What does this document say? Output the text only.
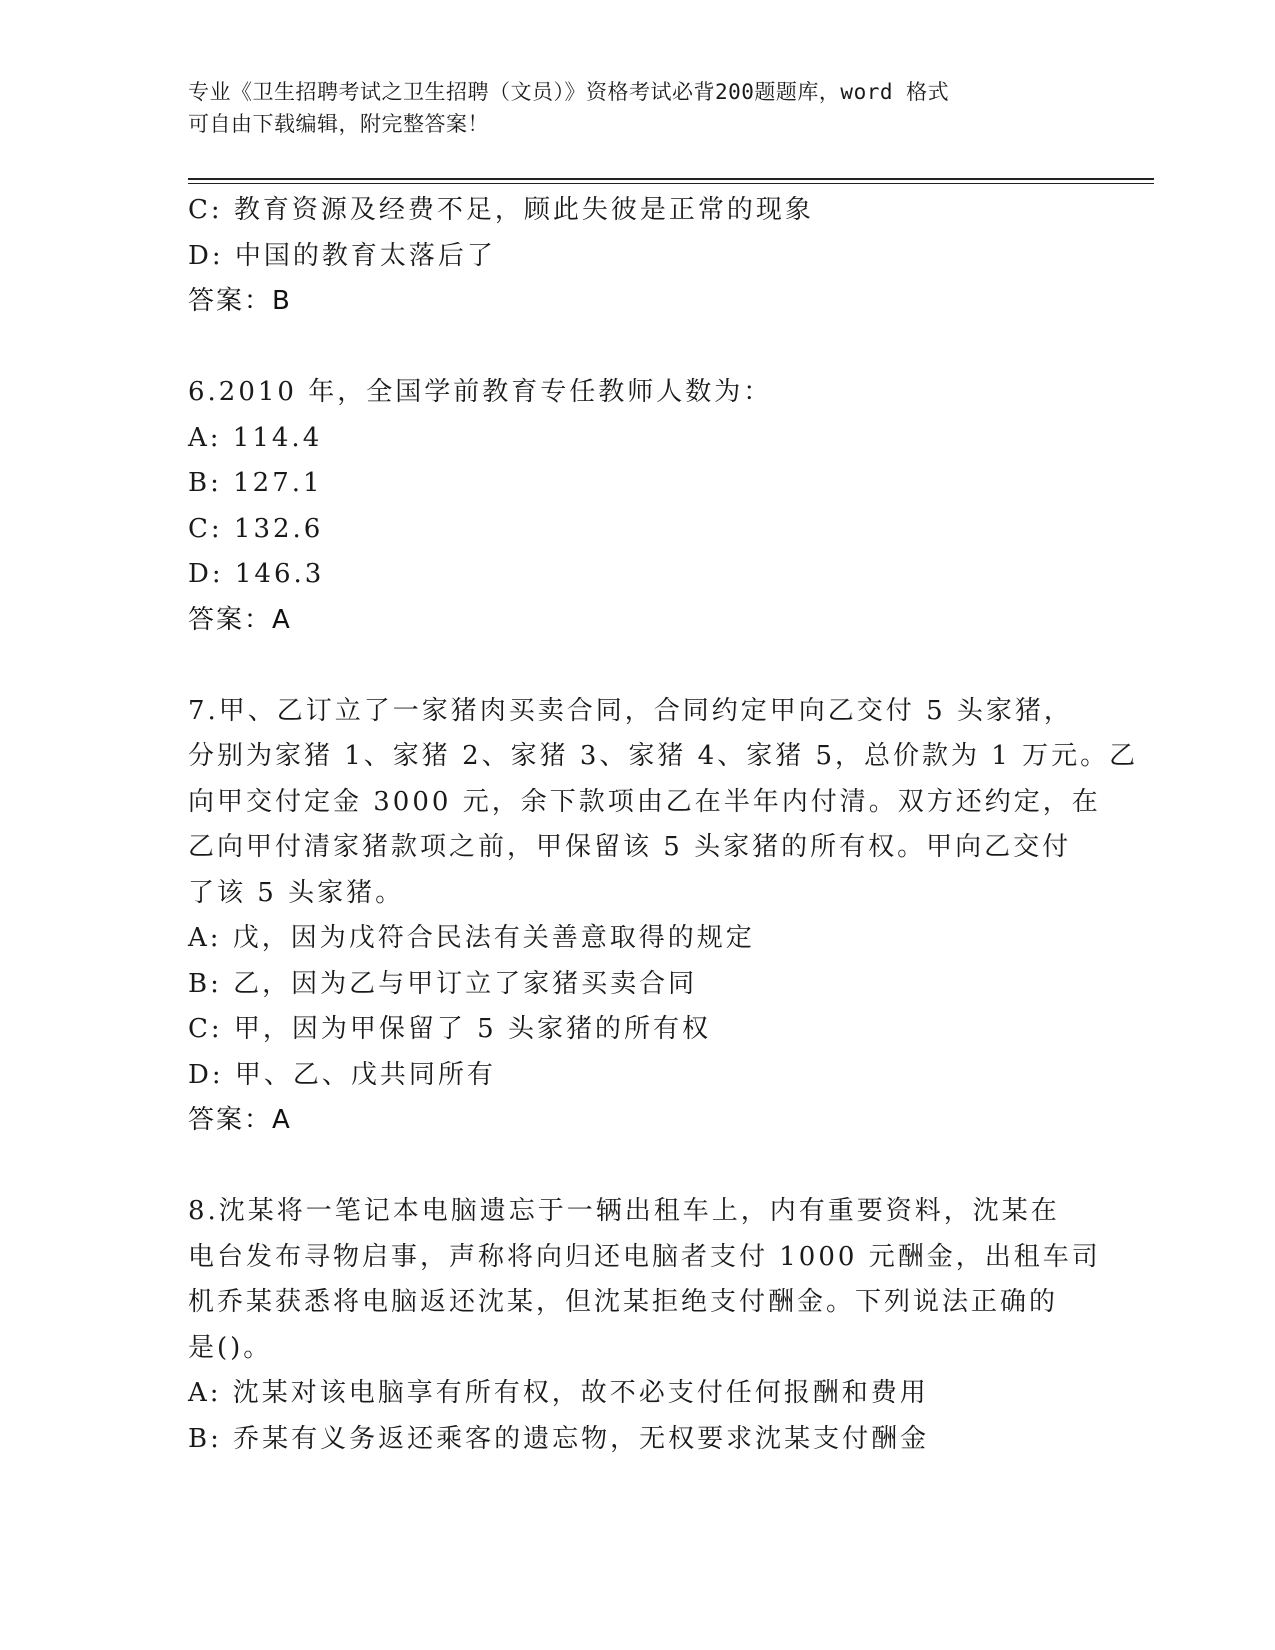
专业《卫生招聘考试之卫生招聘（文员）》资格考试必背200题题库，word 格式
可自由下载编辑，附完整答案！
C: 教育资源及经费不足，顾此失彼是正常的现象
D: 中国的教育太落后了
答案：B
6.2010 年，全国学前教育专任教师人数为：
A: 114.4
B: 127.1
C: 132.6
D: 146.3
答案：A
7.甲、乙订立了一家猪肉买卖合同，合同约定甲向乙交付 5 头家猪，
分别为家猪 1、家猪 2、家猪 3、家猪 4、家猪 5，总价款为 1 万元。乙
向甲交付定金 3000 元，余下款项由乙在半年内付清。双方还约定，在
乙向甲付清家猪款项之前，甲保留该 5 头家猪的所有权。甲向乙交付
了该 5 头家猪。
A: 戊，因为戊符合民法有关善意取得的规定
B: 乙，因为乙与甲订立了家猪买卖合同
C: 甲，因为甲保留了 5 头家猪的所有权
D: 甲、乙、戊共同所有
答案：A
8.沈某将一笔记本电脑遗忘于一辆出租车上，内有重要资料，沈某在
电台发布寻物启事，声称将向归还电脑者支付 1000 元酬金，出租车司
机乔某获悉将电脑返还沈某，但沈某拒绝支付酬金。下列说法正确的
是()。
A: 沈某对该电脑享有所有权，故不必支付任何报酬和费用
B: 乔某有义务返还乘客的遗忘物，无权要求沈某支付酬金
